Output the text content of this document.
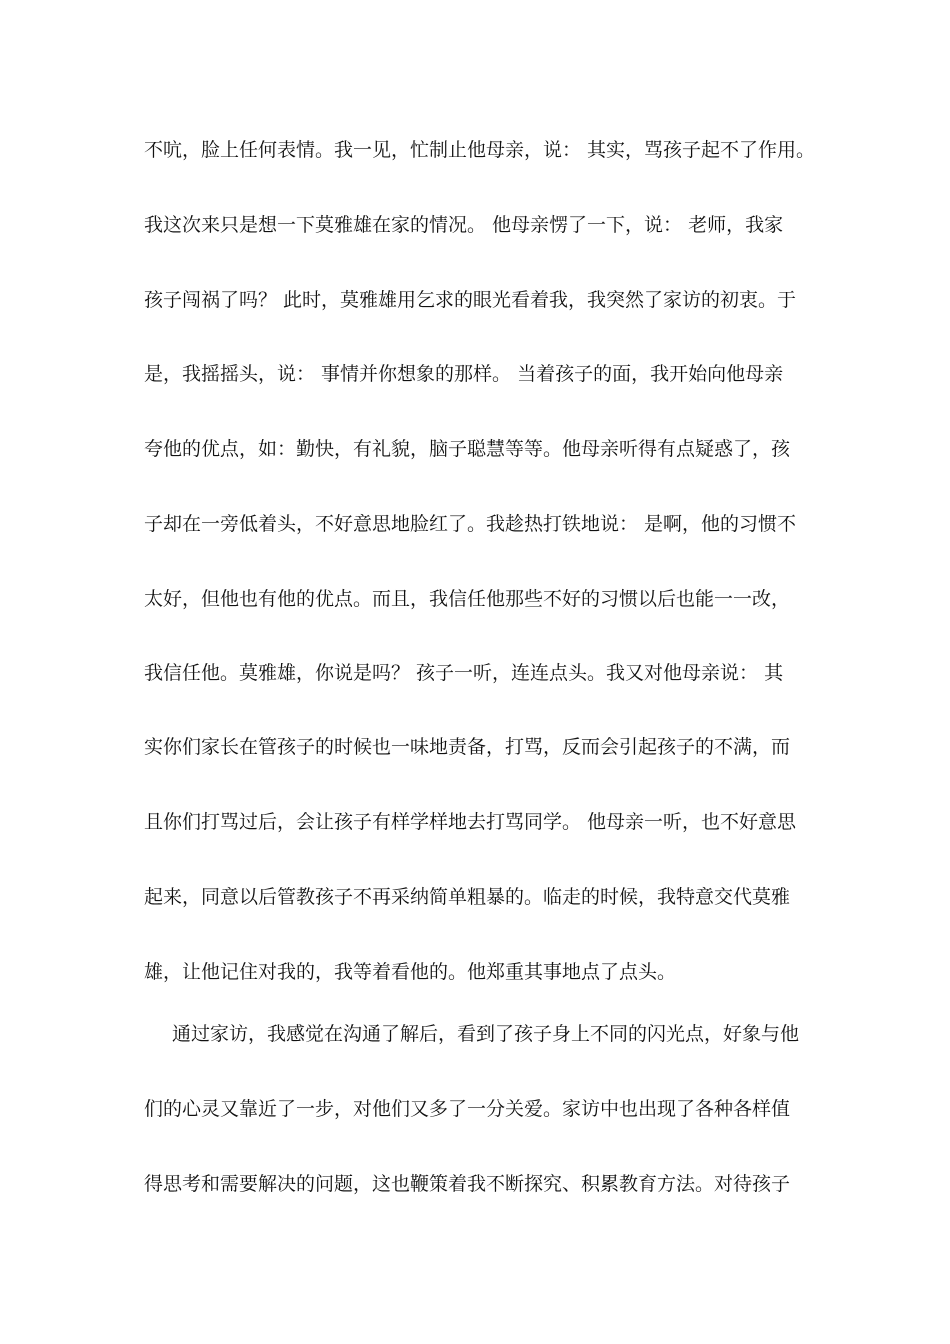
不吭，脸上任何表情。我一见，忙制止他母亲，说： 其实，骂孩子起不了作用。
我这次来只是想一下莫雅雄在家的情况。 他母亲愣了一下，说： 老师，我家
孩子闯祸了吗？ 此时，莫雅雄用乞求的眼光看着我，我突然了家访的初衷。于
是，我摇摇头，说： 事情并你想象的那样。 当着孩子的面，我开始向他母亲
夸他的优点，如：勤快，有礼貌，脑子聪慧等等。他母亲听得有点疑惑了，孩
子却在一旁低着头，不好意思地脸红了。我趁热打铁地说： 是啊，他的习惯不
太好，但他也有他的优点。而且，我信任他那些不好的习惯以后也能一一改，
我信任他。莫雅雄，你说是吗？ 孩子一听，连连点头。我又对他母亲说： 其
实你们家长在管孩子的时候也一味地责备，打骂，反而会引起孩子的不满，而
且你们打骂过后，会让孩子有样学样地去打骂同学。 他母亲一听，也不好意思
起来，同意以后管教孩子不再采纳简单粗暴的。临走的时候，我特意交代莫雅
雄，让他记住对我的，我等着看他的。他郑重其事地点了点头。
通过家访，我感觉在沟通了解后，看到了孩子身上不同的闪光点，好象与他
们的心灵又靠近了一步，对他们又多了一分关爱。家访中也出现了各种各样值
得思考和需要解决的问题，这也鞭策着我不断探究、积累教育方法。对待孩子
